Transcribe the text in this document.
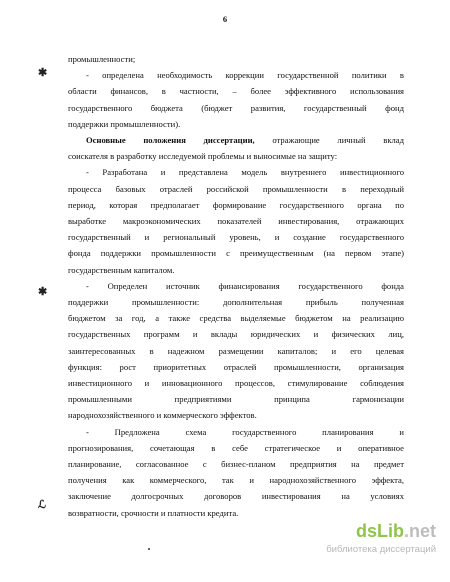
6
✱
✱
ℒ
промышленности;
- определена необходимость коррекции государственной политики в
области финансов, в частности, – более эффективного использования
государственного бюджета (бюджет развития, государственный фонд
поддержки промышленности).
Основные положения диссертации, отражающие личный вклад
соискателя в разработку исследуемой проблемы и выносимые на защиту:
- Разработана и представлена модель внутреннего инвестиционного
процесса базовых отраслей российской промышленности в переходный
период, которая предполагает формирование государственного органа по
выработке макроэкономических показателей инвестирования, отражающих
государственный и региональный уровень, и создание государственного
фонда поддержки промышленности с преимущественным (на первом этапе)
государственным капиталом.
- Определен источник финансирования государственного фонда
поддержки промышленности: дополнительная прибыль полученная
бюджетом за год, а также средства выделяемые бюджетом на реализацию
государственных программ и вклады юридических и физических лиц,
заинтересованных в надежном размещении капиталов; и его целевая
функция: рост приоритетных отраслей промышленности, организация
инвестиционного и инновационного процессов, стимулирование соблюдения
промышленными предприятиями принципа гармонизации
народнохозяйственного и коммерческого эффектов.
- Предложена схема государственного планирования и
прогнозирования, сочетающая в себе стратегическое и оперативное
планирование, согласованное с бизнес-планом предприятия на предмет
получения как коммерческого, так и народнохозяйственного эффекта,
заключение долгосрочных договоров инвестирования на условиях
возвратности, срочности и платности кредита.
dsLib.net
библиотека диссертаций
